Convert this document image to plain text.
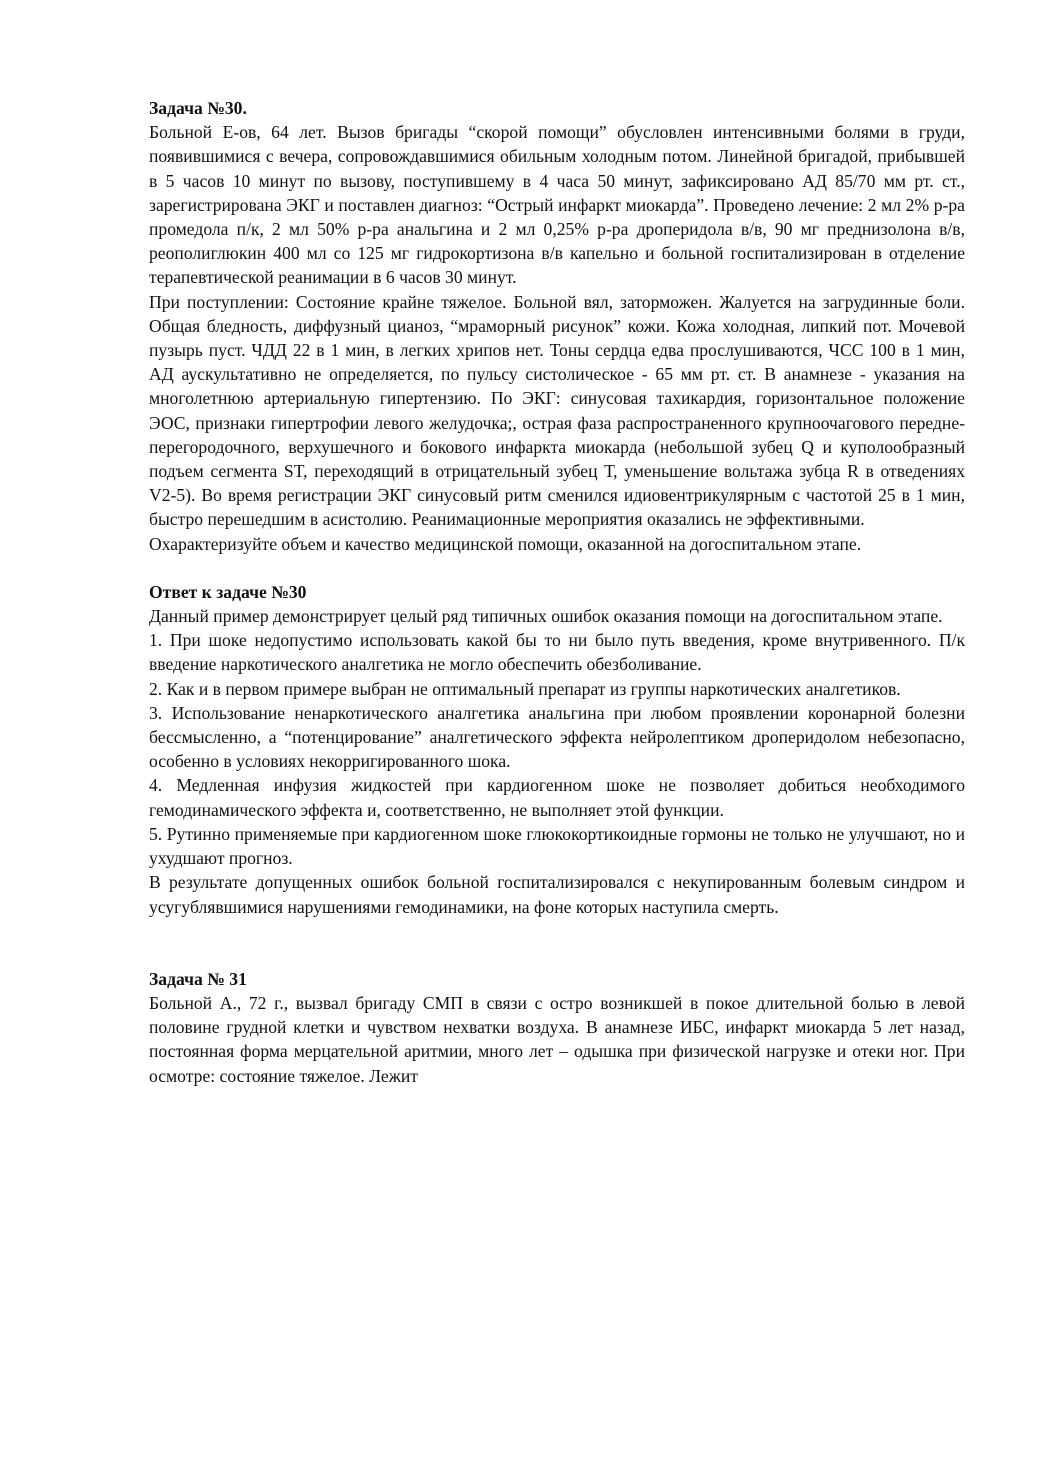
Задача №30.

Больной Е-ов, 64 лет. Вызов бригады “скорой помощи” обусловлен интенсивными болями в груди, появившимися с вечера, сопровождавшимися обильным холодным потом. Линейной бригадой, прибывшей в 5 часов 10 минут по вызову, поступившему в 4 часа 50 минут, зафиксировано АД 85/70 мм рт. ст., зарегистрирована ЭКГ и поставлен диагноз: “Острый инфаркт миокарда”. Проведено лечение: 2 мл 2% р-ра промедола п/к, 2 мл 50% р-ра анальгина и 2 мл 0,25% р-ра дроперидола в/в, 90 мг преднизолона в/в, реополиглюкин 400 мл со 125 мг гидрокортизона в/в капельно и больной госпитализирован в отделение терапевтической реанимации в 6 часов 30 минут.

При поступлении: Состояние крайне тяжелое. Больной вял, заторможен. Жалуется на загрудинные боли. Общая бледность, диффузный цианоз, “мраморный рисунок” кожи. Кожа холодная, липкий пот. Мочевой пузырь пуст. ЧДД 22 в 1 мин, в легких хрипов нет. Тоны сердца едва прослушиваются, ЧСС 100 в 1 мин, АД аускультативно не определяется, по пульсу систолическое - 65 мм рт. ст. В анамнезе - указания на многолетнюю артериальную гипертензию. По ЭКГ: синусовая тахикардия, горизонтальное положение ЭОС, признаки гипертрофии левого желудочка;, острая фаза распространенного крупноочагового передне-перегородочного, верхушечного и бокового инфаркта миокарда (небольшой зубец Q и куполообразный подъем сегмента ST, переходящий в отрицательный зубец Т, уменьшение вольтажа зубца R в отведениях V2-5). Во время регистрации ЭКГ синусовый ритм сменился идиовентрикулярным с частотой 25 в 1 мин, быстро перешедшим в асистолию. Реанимационные мероприятия оказались не эффективными.

Охарактеризуйте объем и качество медицинской помощи, оказанной на догоспитальном этапе.

Ответ к задаче №30

Данный пример демонстрирует целый ряд типичных ошибок оказания помощи на догоспитальном этапе.

1. При шоке недопустимо использовать какой бы то ни было путь введения, кроме внутривенного. П/к введение наркотического аналгетика не могло обеспечить обезболивание.

2. Как и в первом примере выбран не оптимальный препарат из группы наркотических аналгетиков.

3. Использование ненаркотического аналгетика анальгина при любом проявлении коронарной болезни бессмысленно, а “потенцирование” аналгетического эффекта нейролептиком дроперидолом небезопасно, особенно в условиях некорригированного шока.

4. Медленная инфузия жидкостей при кардиогенном шоке не позволяет добиться необходимого гемодинамического эффекта и, соответственно, не выполняет этой функции.

5. Рутинно применяемые при кардиогенном шоке глюкокортикоидные гормоны не только не улучшают, но и ухудшают прогноз.

В результате допущенных ошибок больной госпитализировался с некупированным болевым синдром и усугублявшимися нарушениями гемодинамики, на фоне которых наступила смерть.

Задача № 31

Больной А., 72 г., вызвал бригаду СМП в связи с остро возникшей в покое длительной болью в левой половине грудной клетки и чувством нехватки воздуха. В анамнезе ИБС, инфаркт миокарда 5 лет назад, постоянная форма мерцательной аритмии, много лет – одышка при физической нагрузке и отеки ног. При осмотре: состояние тяжелое. Лежит
